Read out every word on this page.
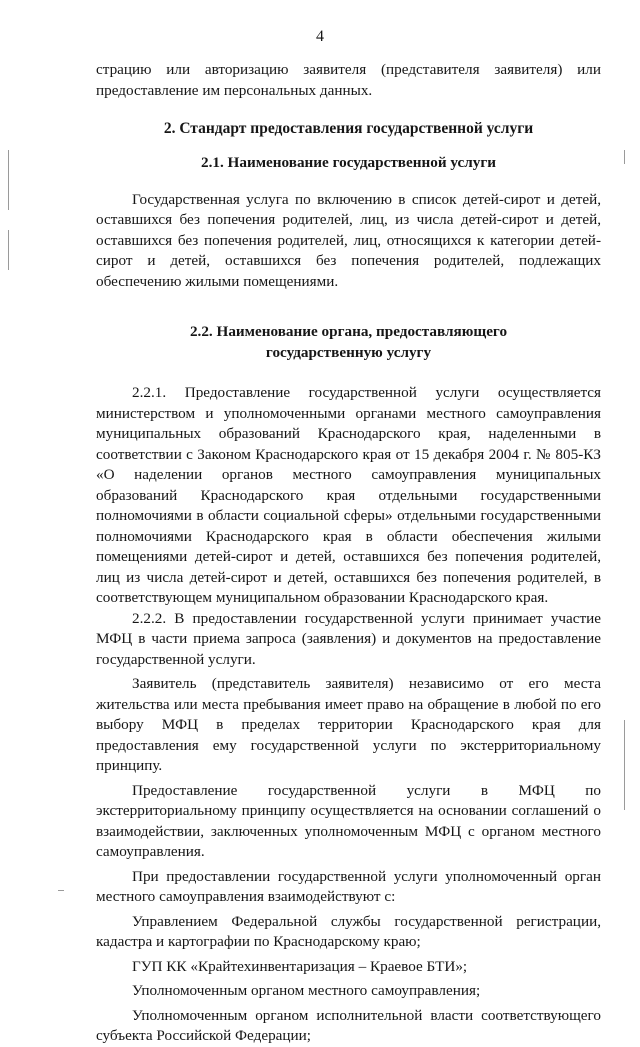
4

страцию или авторизацию заявителя (представителя заявителя) или предоставление им персональных данных.

2. Стандарт предоставления государственной услуги
2.1. Наименование государственной услуги

Государственная услуга по включению в список детей-сирот и детей, оставшихся без попечения родителей, лиц, из числа детей-сирот и детей, оставшихся без попечения родителей, лиц, относящихся к категории детей-сирот и детей, оставшихся без попечения родителей, подлежащих обеспечению жилыми помещениями.

2.2. Наименование органа, предоставляющего
государственную услугу

2.2.1. Предоставление государственной услуги осуществляется министерством и уполномоченными органами местного самоуправления муниципальных образований Краснодарского края, наделенными в соответствии с Законом Краснодарского края от 15 декабря 2004 г. № 805-КЗ «О наделении органов местного самоуправления муниципальных образований Краснодарского края отдельными государственными полномочиями в области социальной сферы» отдельными государственными полномочиями Краснодарского края в области обеспечения жилыми помещениями детей-сирот и детей, оставшихся без попечения родителей, лиц из числа детей-сирот и детей, оставшихся без попечения родителей, в соответствующем муниципальном образовании Краснодарского края.

2.2.2. В предоставлении государственной услуги принимает участие МФЦ в части приема запроса (заявления) и документов на предоставление государственной услуги.

Заявитель (представитель заявителя) независимо от его места жительства или места пребывания имеет право на обращение в любой по его выбору МФЦ в пределах территории Краснодарского края для предоставления ему государственной услуги по экстерриториальному принципу.

Предоставление государственной услуги в МФЦ по экстерриториальному принципу осуществляется на основании соглашений о взаимодействии, заключенных уполномоченным МФЦ с органом местного самоуправления.

При предоставлении государственной услуги уполномоченный орган местного самоуправления взаимодействуют с:

Управлением Федеральной службы государственной регистрации, кадастра и картографии по Краснодарскому краю;

ГУП КК «Крайтехинвентаризация – Краевое БТИ»;

Уполномоченным органом местного самоуправления;

Уполномоченным органом исполнительной власти соответствующего субъекта Российской Федерации;
